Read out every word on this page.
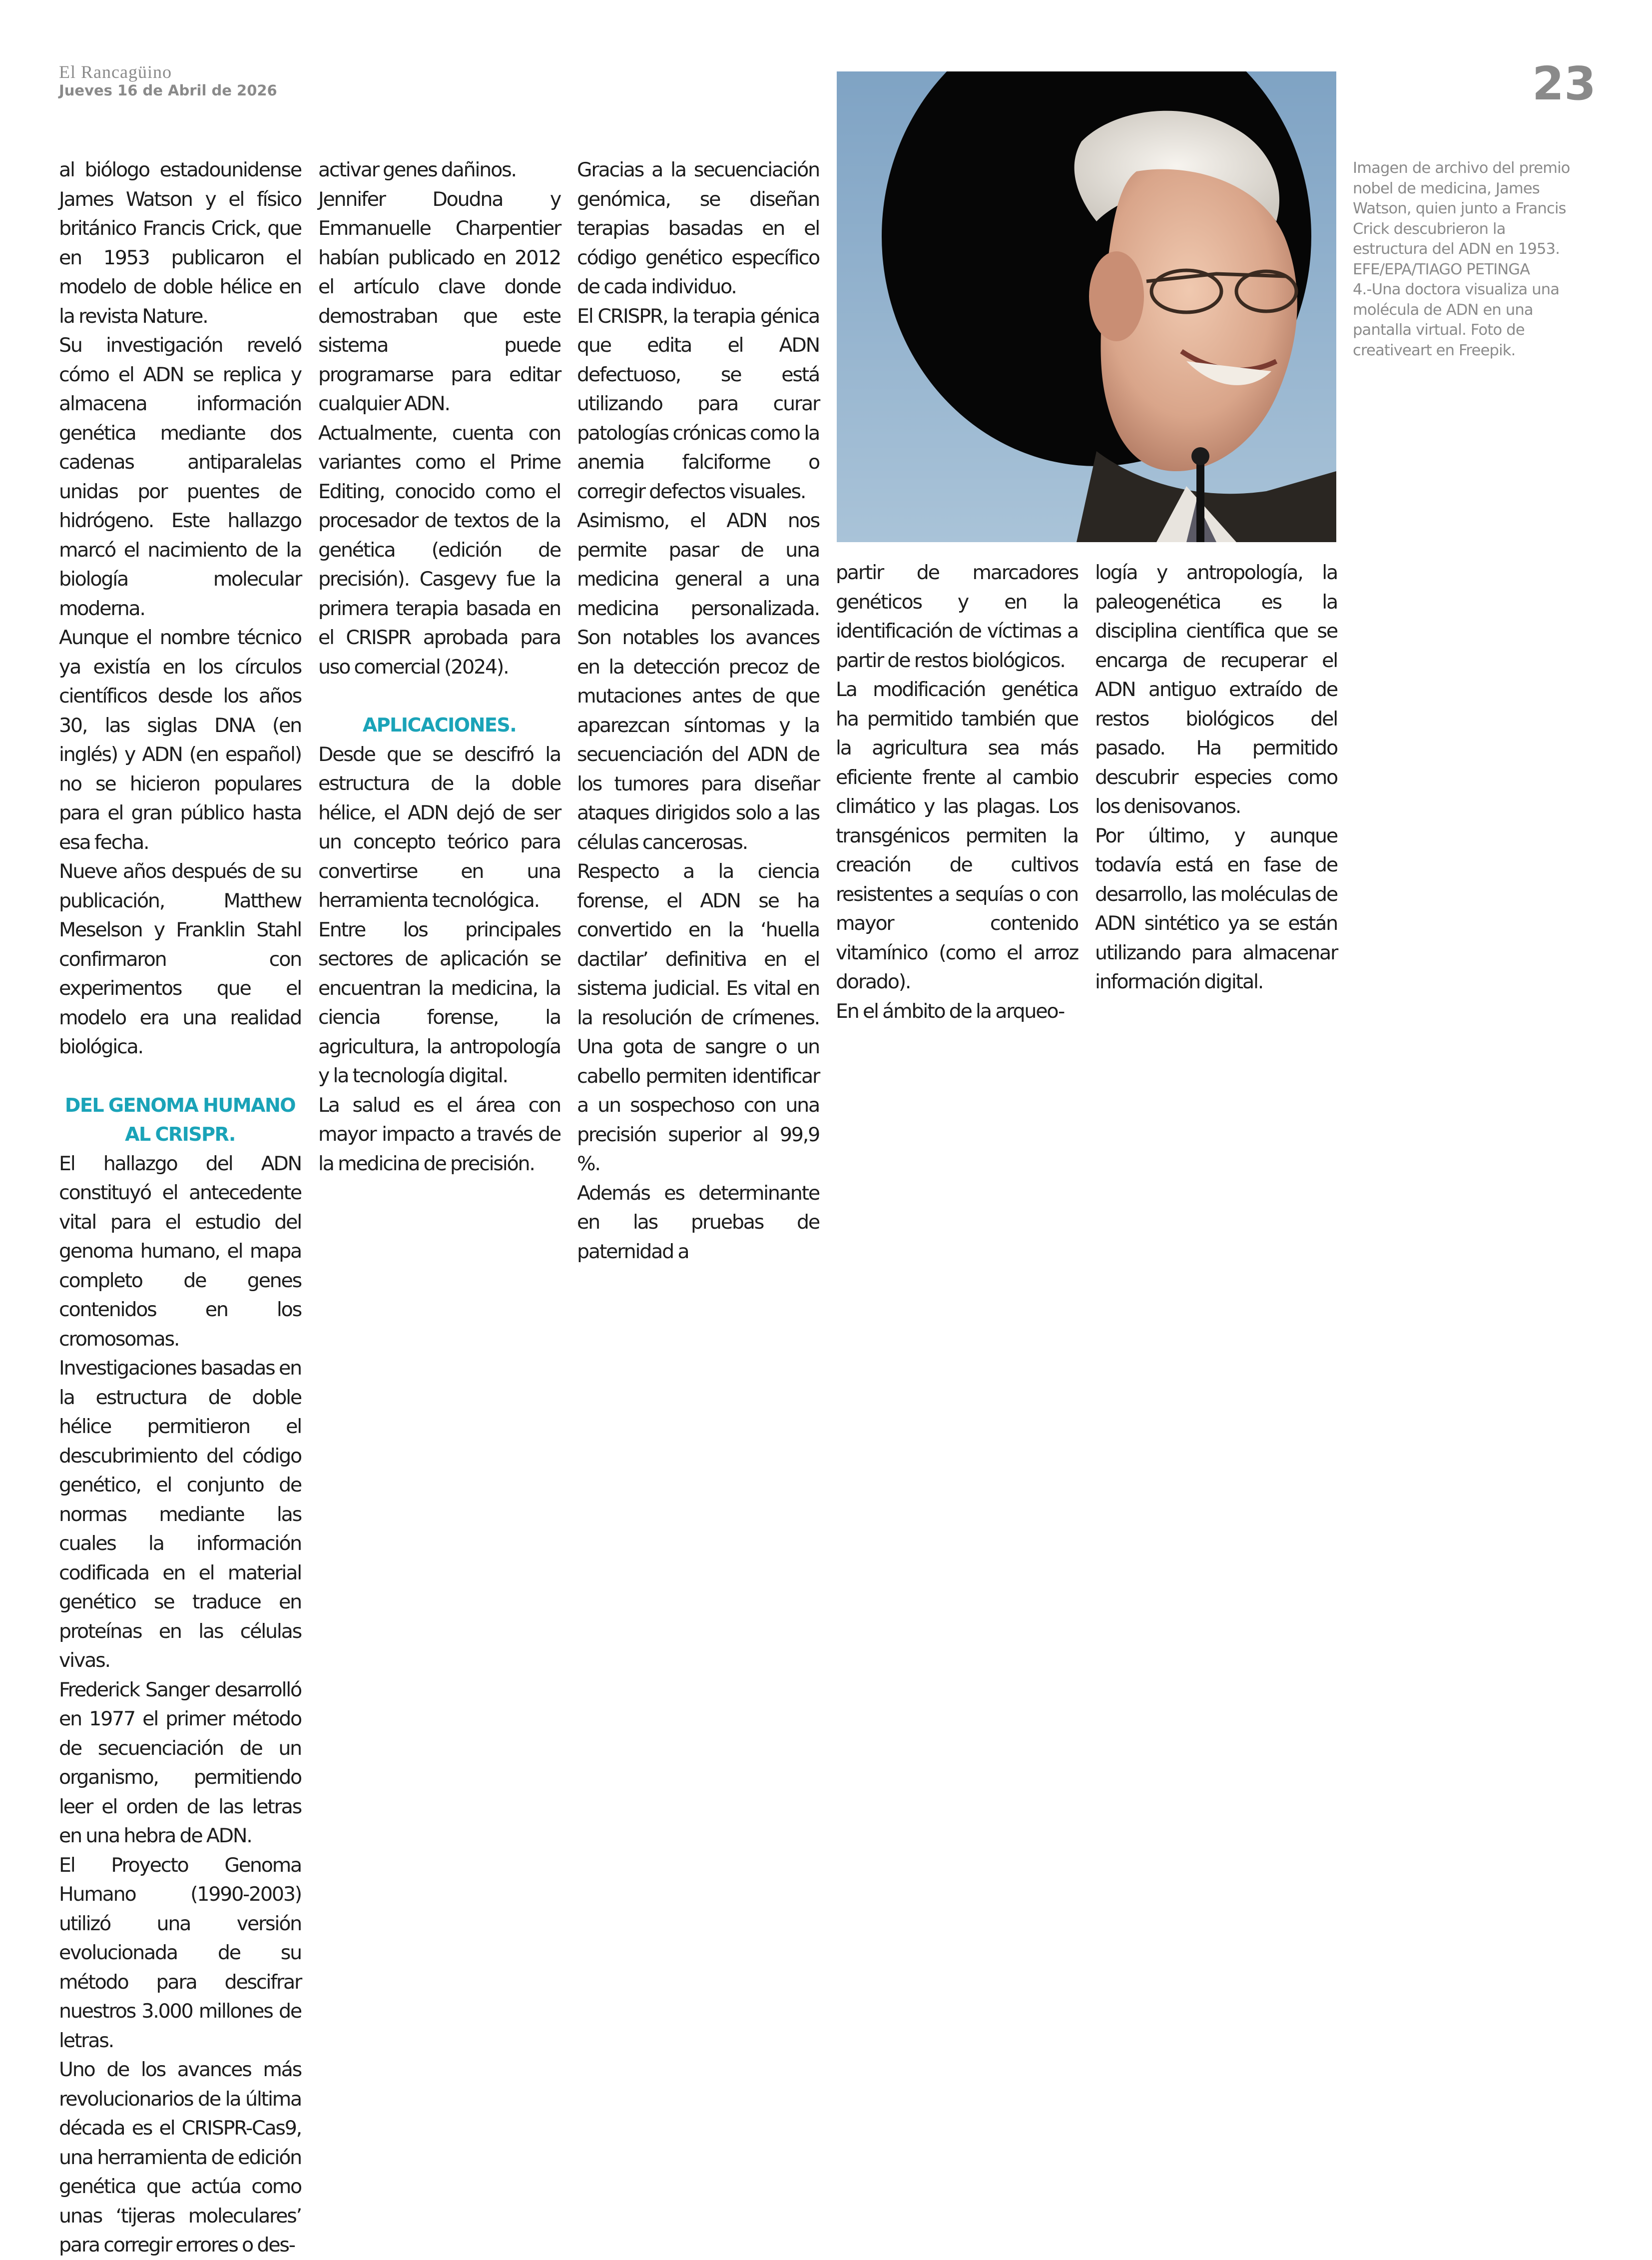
El Rancagüino
Jueves 16 de Abril de 2026	23

al biólogo estadounidense James Watson y el físico británico Francis Crick, que en 1953 publicaron el modelo de doble hélice en la revista Nature.

Su investigación reveló cómo el ADN se replica y almacena información genética mediante dos cadenas antiparalelas unidas por puentes de hidrógeno. Este hallazgo marcó el nacimiento de la biología molecular moderna.

Aunque el nombre técnico ya existía en los círculos científicos desde los años 30, las siglas DNA (en inglés) y ADN (en español) no se hicieron populares para el gran público hasta esa fecha.

Nueve años después de su publicación, Matthew Meselson y Franklin Stahl confirmaron con experimentos que el modelo era una realidad biológica.

DEL GENOMA HUMANO AL CRISPR.

El hallazgo del ADN constituyó el antecedente vital para el estudio del genoma humano, el mapa completo de genes contenidos en los cromosomas.

Investigaciones basadas en la estructura de doble hélice permitieron el descubrimiento del código genético, el conjunto de normas mediante las cuales la información codificada en el material genético se traduce en proteínas en las células vivas.

Frederick Sanger desarrolló en 1977 el primer método de secuenciación de un organismo, permitiendo leer el orden de las letras en una hebra de ADN.

El Proyecto Genoma Humano (1990-2003) utilizó una versión evolucionada de su método para descifrar nuestros 3.000 millones de letras.

Uno de los avances más revolucionarios de la última década es el CRISPR-Cas9, una herramienta de edición genética que actúa como unas ‘tijeras moleculares’ para corregir errores o des-

activar genes dañinos.

Jennifer Doudna y Emmanuelle Charpentier habían publicado en 2012 el artículo clave donde demostraban que este sistema puede programarse para editar cualquier ADN.

Actualmente, cuenta con variantes como el Prime Editing, conocido como el procesador de textos de la genética (edición de precisión). Casgevy fue la primera terapia basada en el CRISPR aprobada para uso comercial (2024).

APLICACIONES.

Desde que se descifró la estructura de la doble hélice, el ADN dejó de ser un concepto teórico para convertirse en una herramienta tecnológica.

Entre los principales sectores de aplicación se encuentran la medicina, la ciencia forense, la agricultura, la antropología y la tecnología digital.

La salud es el área con mayor impacto a través de la medicina de precisión.

Gracias a la secuenciación genómica, se diseñan terapias basadas en el código genético específico de cada individuo.

El CRISPR, la terapia génica que edita el ADN defectuoso, se está utilizando para curar patologías crónicas como la anemia falciforme o corregir defectos visuales.

Asimismo, el ADN nos permite pasar de una medicina general a una medicina personalizada. Son notables los avances en la detección precoz de mutaciones antes de que aparezcan síntomas y la secuenciación del ADN de los tumores para diseñar ataques dirigidos solo a las células cancerosas.

Respecto a la ciencia forense, el ADN se ha convertido en la ‘huella dactilar’ definitiva en el sistema judicial. Es vital en la resolución de crímenes. Una gota de sangre o un cabello permiten identificar a un sospechoso con una precisión superior al 99,9 %.

Además es determinante en las pruebas de paternidad a

partir de marcadores genéticos y en la identificación de víctimas a partir de restos biológicos.

La modificación genética ha permitido también que la agricultura sea más eficiente frente al cambio climático y las plagas. Los transgénicos permiten la creación de cultivos resistentes a sequías o con mayor contenido vitamínico (como el arroz dorado).

En el ámbito de la arqueo-

logía y antropología, la paleogenética es la disciplina científica que se encarga de recuperar el ADN antiguo extraído de restos biológicos del pasado. Ha permitido descubrir especies como los denisovanos.

Por último, y aunque todavía está en fase de desarrollo, las moléculas de ADN sintético ya se están utilizando para almacenar información digital.

Imagen de archivo del premio nobel de medicina, James Watson, quien junto a Francis Crick descubrieron la estructura del ADN en 1953. EFE/EPA/TIAGO PETINGA

4.-Una doctora visualiza una molécula de ADN en una pantalla virtual. Foto de creativeart en Freepik.
